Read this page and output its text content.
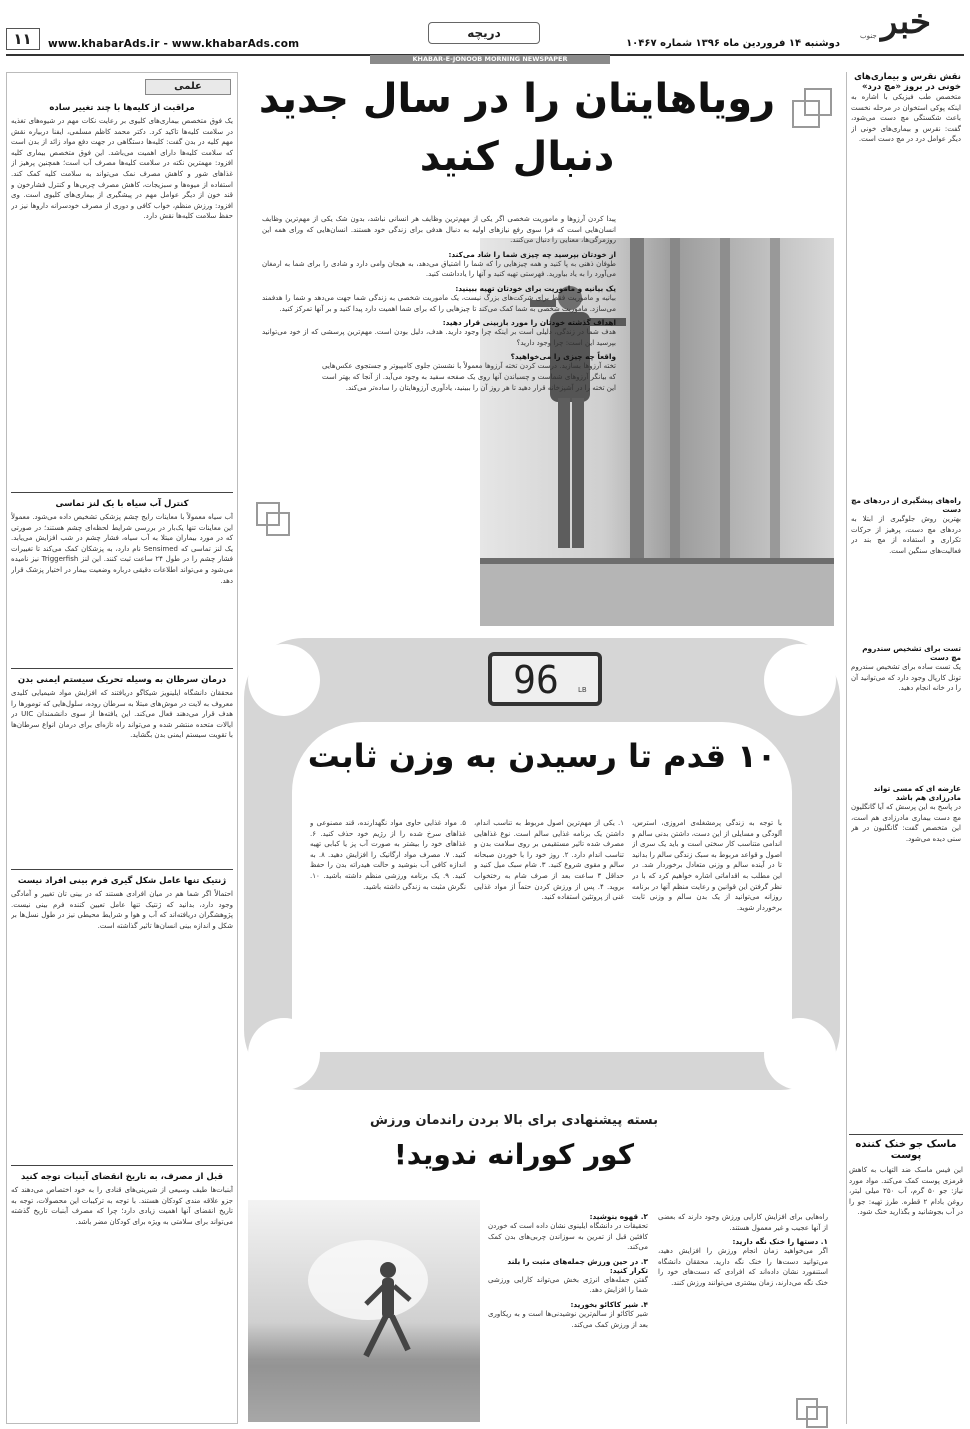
۱۱	www.khabarAds.ir - www.khabarAds.com
دریچه
دوشنبه ۱۴ فروردین ماه ۱۳۹۶ شماره ۱۰۴۶۷
خبر
جنوب
KHABAR-E-JONOOB MORNING NEWSPAPER
علمی
مراقبت از کلیه‌ها با چند تغییر ساده
یک فوق متخصص بیماری‌های کلیوی بر رعایت نکات مهم در شیوه‌های تغذیه در سلامت کلیه‌ها تاکید کرد. دکتر محمد کاظم مسلمی، ایفنا دربیاره نقش مهم کلیه در بدن گفت: کلیه‌ها دستگاهی در جهت دفع مواد زائد از بدن است که سلامت کلیه‌ها دارای اهمیت می‌باشد. این فوق متخصص بیماری کلیه افزود: مهمترین نکته در سلامت کلیه‌ها مصرف آب است؛ همچنین پرهیز از غذاهای شور و کاهش مصرف نمک می‌تواند به سلامت کلیه کمک کند. استفاده از میوه‌ها و سبزیجات، کاهش مصرف چربی‌ها و کنترل فشارخون و قند خون از دیگر عوامل مهم در پیشگیری از بیماری‌های کلیوی است. وی افزود: ورزش منظم، خواب کافی و دوری از مصرف خودسرانه داروها نیز در حفظ سلامت کلیه‌ها نقش دارد.
کنترل آب سیاه با یک لنز تماسی
آب سیاه معمولاً با معاینات رایج چشم پزشکی تشخیص داده می‌شود. معمولاً این معاینات تنها یک‌بار در بررسی شرایط لحظه‌ای چشم هستند؛ در صورتی که در مورد بیماران مبتلا به آب سیاه، فشار چشم در شب افزایش می‌یابد. یک لنز تماسی که Sensimed نام دارد، به پزشکان کمک می‌کند تا تغییرات فشار چشم را در طول ۲۴ ساعت ثبت کنند. این لنز Triggerfish نیز نامیده می‌شود و می‌تواند اطلاعات دقیقی درباره وضعیت بیمار در اختیار پزشک قرار دهد.
درمان سرطان به وسیله تحریک سیستم ایمنی بدن
محققان دانشگاه ایلینویز شیکاگو دریافتند که افزایش مواد شیمیایی کلیدی معروف به لایت در موش‌های مبتلا به سرطان روده، سلول‌هایی که تومورها را هدف قرار می‌دهند فعال می‌کند. این یافته‌ها از سوی دانشمندان UIC در ایالات متحده منتشر شده و می‌تواند راه تازه‌ای برای درمان انواع سرطان‌ها با تقویت سیستم ایمنی بدن بگشاید.
ژنتیک تنها عامل شکل گیری فرم بینی افراد نیست
احتمالاً اگر شما هم در میان افرادی هستند که در بینی تان تغییر و آمادگی وجود دارد، بدانید که ژنتیک تنها عامل تعیین کننده فرم بینی نیست. پژوهشگران دریافته‌اند که آب و هوا و شرایط محیطی نیز در طول نسل‌ها بر شکل و اندازه بینی انسان‌ها تاثیر گذاشته است.
قبل از مصرف، به تاریخ انقضای آبنبات توجه کنید
آبنبات‌ها طیف وسیعی از شیرینی‌های قنادی را به خود اختصاص می‌دهند که جزو علاقه مندی کودکان هستند. با توجه به ترکیبات این محصولات، توجه به تاریخ انقضای آنها اهمیت زیادی دارد؛ چرا که مصرف آبنبات تاریخ گذشته می‌تواند برای سلامتی به ویژه برای کودکان مضر باشد.
رویاهایتان را در سال جدید
دنبال کنید
پیدا کردن آرزوها و ماموریت شخصی اگر یکی از مهم‌ترین وظایف هر انسانی نباشد، بدون شک یکی از مهم‌ترین وظایف انسان‌هایی است که فرا سوی رفع نیازهای اولیه به دنبال هدفی برای زندگی خود هستند. انسان‌هایی که ورای همه این روزمرگی‌ها، معنایی را دنبال می‌کنند.
از خودتان بپرسید چه چیزی شما را شاد می‌کند:
طوفان ذهنی به پا کنید و همه چیزهایی را که شما را اشتیاق می‌دهد، به هیجان وامی دارد و شادی را برای شما به ارمغان می‌آورد را به یاد بیاورید. فهرستی تهیه کنید و آنها را یادداشت کنید.
یک بیانیه و ماموریت برای خودتان تهیه ببینید:
بیانیه و ماموریت فقط برای شرکت‌های بزرگ نیست، یک ماموریت شخصی به زندگی شما جهت می‌دهد و شما را هدفمند می‌سازد. ماموریت شخصی به شما کمک می‌کند تا چیزهایی را که برای شما اهمیت دارد پیدا کنید و بر آنها تمرکز کنید.
اهداف گذشته خودتان را مورد بازبینی قرار دهید:
هدف شما در زندگی، دلیلی است بر اینکه چرا وجود دارید. هدف، دلیل بودن است. مهم‌ترین پرسشی که از خود می‌توانید بپرسید این است: چرا وجود دارید؟
واقعاً چه چیزی را می‌خواهید؟
تخته آرزوها بسازید. درست کردن تخته آرزوها معمولاً با نشستن جلوی کامپیوتر و جستجوی عکس‌هایی که بیانگر آرزوهای شماست و چسباندن آنها روی یک صفحه سفید به وجود می‌آید. از آنجا که بهتر است این تخته را در آشپزخانه قرار دهید تا هر روز آن را ببینید، یادآوری آرزوهایتان را ساده‌تر می‌کند.
96	LB
۱۰ قدم تا رسیدن به وزن ثابت
با توجه به زندگی پرمشغله‌ی امروزی، استرس، آلودگی و مسایلی از این دست، داشتن بدنی سالم و اندامی متناسب کار سختی است و باید یک سری از اصول و قواعد مربوط به سبک زندگی سالم را بدانید تا در آینده سالم و وزنی متعادل برخوردار شد. در این مطلب به اقداماتی اشاره خواهیم کرد که با در نظر گرفتن این قوانین و رعایت منظم آنها در برنامه روزانه می‌توانید از یک بدن سالم و وزنی ثابت برخوردار شوید.
۱. یکی از مهم‌ترین اصول مربوط به تناسب اندام، داشتن یک برنامه غذایی سالم است. نوع غذاهایی مصرف شده تاثیر مستقیمی بر روی سلامت بدن و تناسب اندام دارد. ۲. روز خود را با خوردن صبحانه سالم و مقوی شروع کنید. ۳. شام سبک میل کنید و حداقل ۳ ساعت بعد از صرف شام به رختخواب بروید. ۴. پس از ورزش کردن حتماً از مواد غذایی غنی از پروتئین استفاده کنید.
۵. مواد غذایی حاوی مواد نگهدارنده، قند مصنوعی و غذاهای سرخ شده را از رژیم خود حذف کنید. ۶. غذاهای خود را بیشتر به صورت آب پز یا کبابی تهیه کنید. ۷. مصرف مواد ارگانیک را افزایش دهید. ۸. به اندازه کافی آب بنوشید و حالت هیدراته بدن را حفظ کنید. ۹. یک برنامه ورزشی منظم داشته باشید. ۱۰. نگرش مثبت به زندگی داشته باشید.
بسته پیشنهادی برای بالا بردن راندمان ورزش
کور کورانه ندوید!
۲. قهوه بنوشید:
تحقیقات در دانشگاه ایلینوی نشان داده است که خوردن کافئین قبل از تمرین به سوزاندن چربی‌های بدن کمک می‌کند.
۳. در حین ورزش جمله‌های مثبت را بلند تکرار کنید:
گفتن جمله‌های انرژی بخش می‌تواند کارایی ورزشی شما را افزایش دهد.
۴. شیر کاکائو بخورید:
شیر کاکائو از سالم‌ترین نوشیدنی‌ها است و به ریکاوری بعد از ورزش کمک می‌کند.
راه‌هایی برای افزایش کارایی ورزش وجود دارند که بعضی از آنها عجیب و غیر معمول هستند.
۱. دستها را خنک نگه دارید:
اگر می‌خواهید زمان انجام ورزش را افزایش دهید، می‌توانید دست‌ها را خنک نگه دارید. محققان دانشگاه استنفورد نشان داده‌اند که افرادی که دست‌های خود را خنک نگه می‌دارند، زمان بیشتری می‌توانند ورزش کنند.
نقش نقرس و بیماری‌های خونی در بروز «مچ درد»
متخصص طب فیزیکی با اشاره به اینکه پوکی استخوان در مرحله نخست باعث شکستگی مچ دست می‌شود، گفت: نقرس و بیماری‌های خونی از دیگر عوامل درد در مچ دست است.
راه‌های پیشگیری از دردهای مچ دست
بهترین روش جلوگیری از ابتلا به دردهای مچ دست، پرهیز از حرکات تکراری و استفاده از مچ بند در فعالیت‌های سنگین است.
تست برای تشخیص سندروم مچ دست
یک تست ساده برای تشخیص سندروم تونل کارپال وجود دارد که می‌توانید آن را در خانه انجام دهید.
عارضه ای که مسی تواند مادرزادی هم باشد
در پاسخ به این پرسش که آیا گانگلیون مچ دست بیماری مادرزادی هم است، این متخصص گفت: گانگلیون در هر سنی دیده می‌شود.
ماسک جو خنک کننده پوست
این فیس ماسک ضد التهاب به کاهش قرمزی پوست کمک می‌کند. مواد مورد نیاز: جو ۵۰ گرم، آب ۲۵۰ میلی لیتر، روغن بادام ۲ قطره. طرز تهیه: جو را در آب بجوشانید و بگذارید خنک شود.
